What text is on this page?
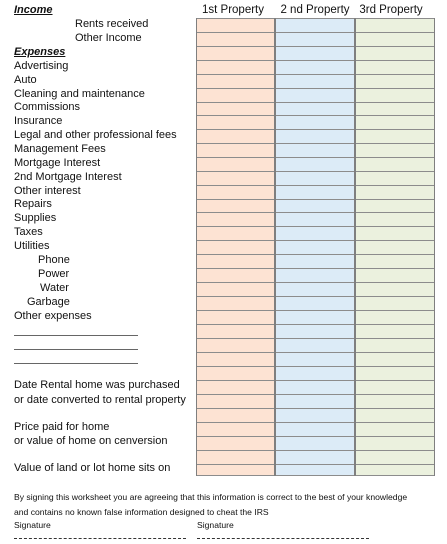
1st Property	2 nd Property 3rd Property
Income
Rents received
Other Income
Expenses
Advertising
Auto
Cleaning and maintenance
Commissions
Insurance
Legal and other professional fees
Management Fees
Mortgage Interest
2nd Mortgage Interest
Other interest
Repairs
Supplies
Taxes
Utilities
Phone
Power
Water
Garbage
Other expenses
Date Rental home was purchased
or date converted to rental property
Price paid for home
or value of home on cenversion
Value of land or lot home sits on
By signing this worksheet you are agreeing that this information is correct to the best of your knowledge
and contains no known false information designed to cheat the IRS
Signature	Signature
